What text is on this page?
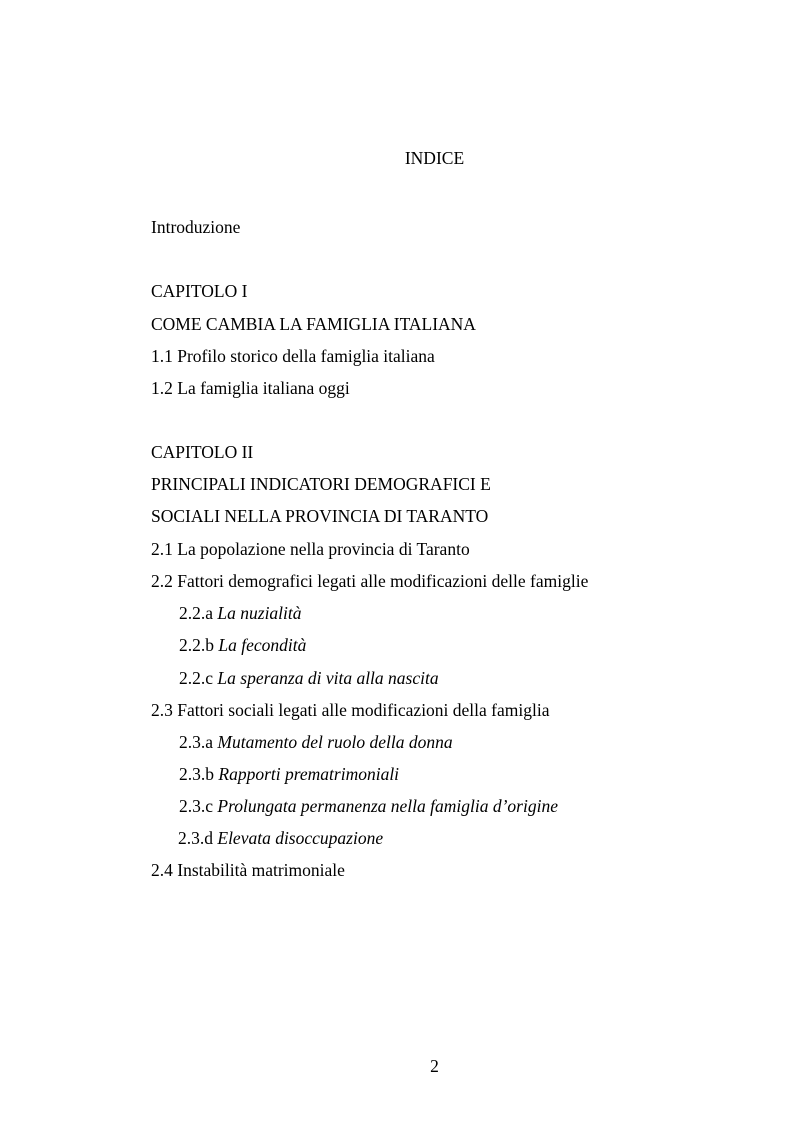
INDICE
Introduzione
CAPITOLO I
COME CAMBIA LA FAMIGLIA ITALIANA
1.1 Profilo storico della famiglia italiana
1.2 La famiglia italiana oggi
CAPITOLO II
PRINCIPALI INDICATORI DEMOGRAFICI E
SOCIALI NELLA PROVINCIA DI TARANTO
2.1 La popolazione nella provincia di Taranto
2.2 Fattori demografici legati alle modificazioni delle famiglie
2.2.a La nuzialità
2.2.b La fecondità
2.2.c La speranza di vita alla nascita
2.3 Fattori sociali legati alle modificazioni della famiglia
2.3.a Mutamento del ruolo della donna
2.3.b Rapporti prematrimoniali
2.3.c Prolungata permanenza nella famiglia d’origine
2.3.d Elevata disoccupazione
2.4 Instabilità matrimoniale
2
